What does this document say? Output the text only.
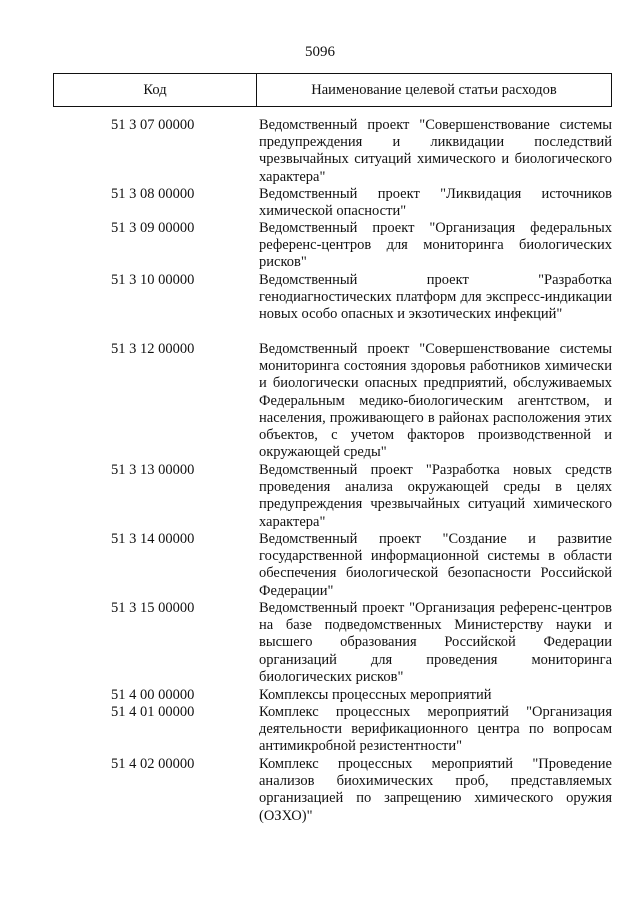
5096
Код	Наименование целевой статьи расходов
51 3 07 00000	Ведомственный проект "Совершенствование системы предупреждения и ликвидации последствий чрезвычайных ситуаций химического и биологического характера"
51 3 08 00000	Ведомственный проект "Ликвидация источников химической опасности"
51 3 09 00000	Ведомственный проект "Организация федеральных референс-центров для мониторинга биологических рисков"
51 3 10 00000	Ведомственный проект "Разработка генодиагностических платформ для экспресс-индикации новых особо опасных и экзотических инфекций"
51 3 12 00000	Ведомственный проект "Совершенствование системы мониторинга состояния здоровья работников химически и биологически опасных предприятий, обслуживаемых Федеральным медико-биологическим агентством, и населения, проживающего в районах расположения этих объектов, с учетом факторов производственной и окружающей среды"
51 3 13 00000	Ведомственный проект "Разработка новых средств проведения анализа окружающей среды в целях предупреждения чрезвычайных ситуаций химического характера"
51 3 14 00000	Ведомственный проект "Создание и развитие государственной информационной системы в области обеспечения биологической безопасности Российской Федерации"
51 3 15 00000	Ведомственный проект "Организация референс-центров на базе подведомственных Министерству науки и высшего образования Российской Федерации организаций для проведения мониторинга биологических рисков"
51 4 00 00000	Комплексы процессных мероприятий
51 4 01 00000	Комплекс процессных мероприятий "Организация деятельности верификационного центра по вопросам антимикробной резистентности"
51 4 02 00000	Комплекс процессных мероприятий "Проведение анализов биохимических проб, представляемых организацией по запрещению химического оружия (ОЗХО)"
